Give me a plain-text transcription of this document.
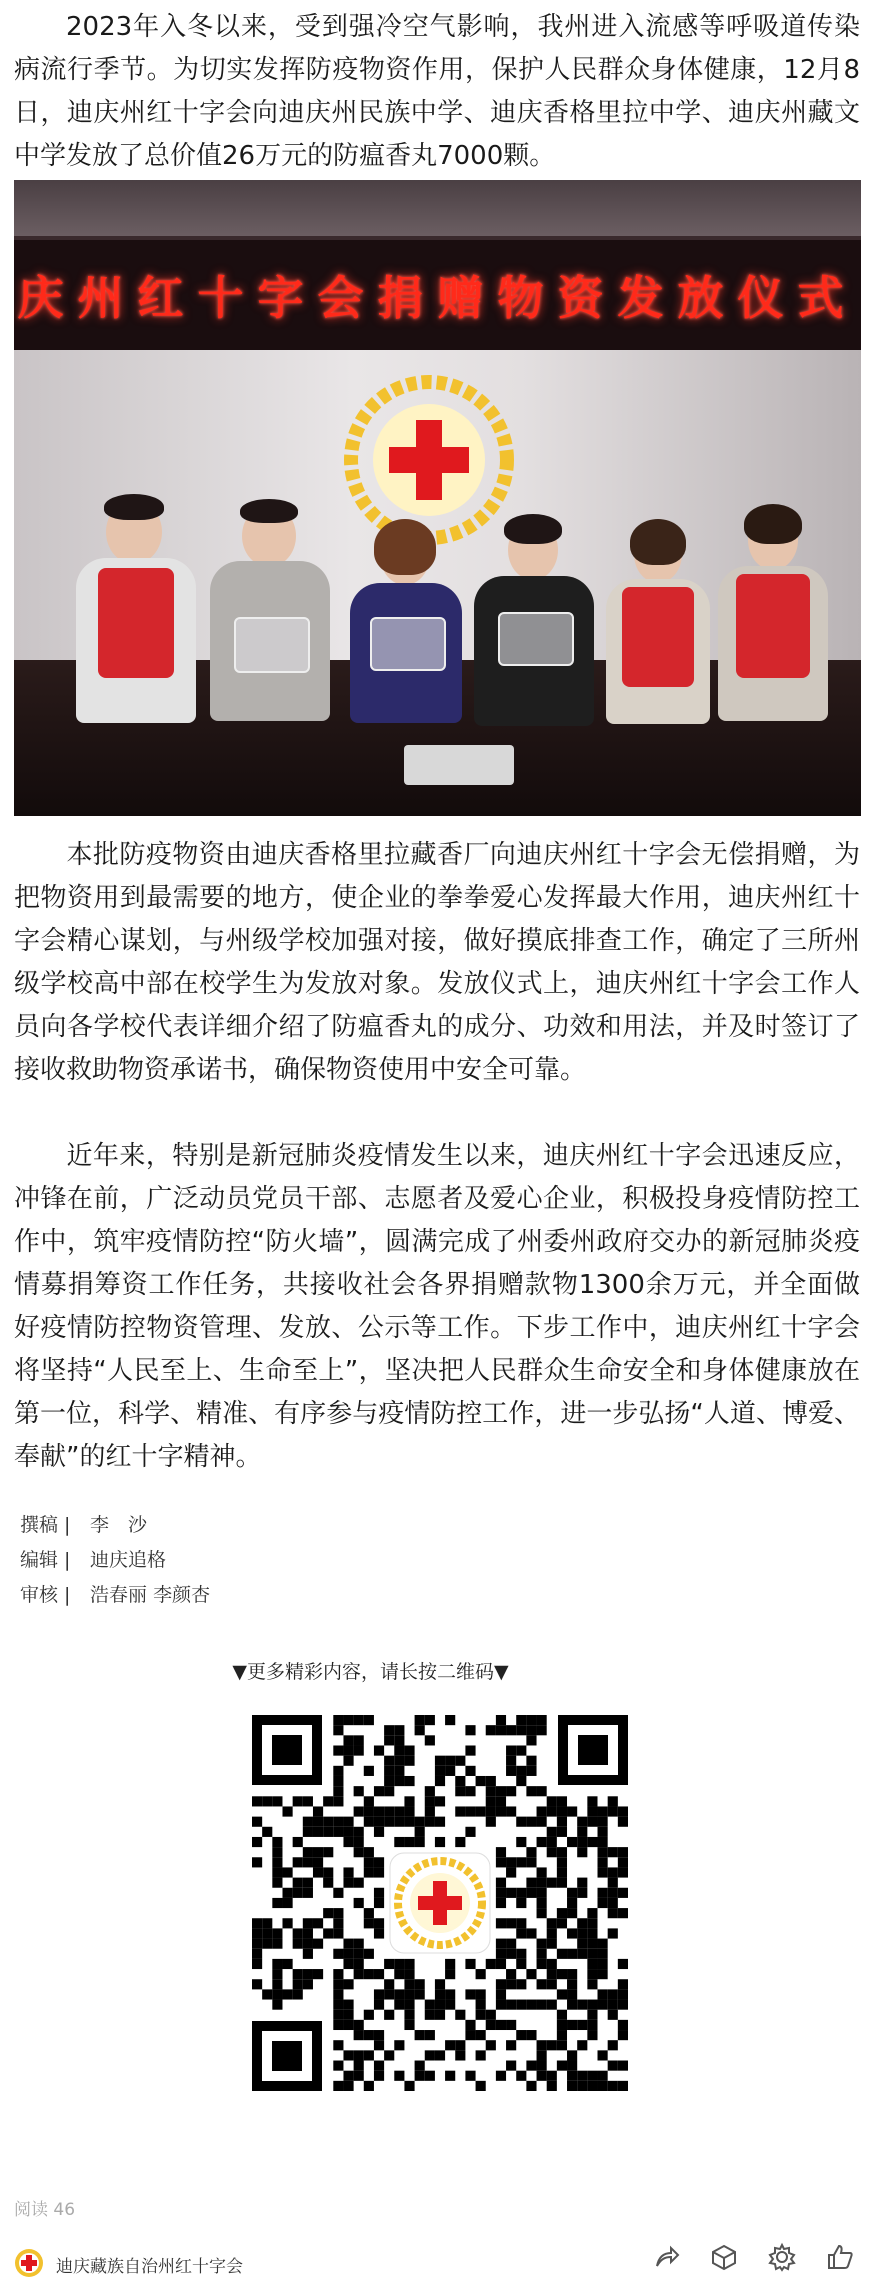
2023年入冬以来，受到强冷空气影响，我州进入流感等呼吸道传染病流行季节。为切实发挥防疫物资作用，保护人民群众身体健康，12月8日，迪庆州红十字会向迪庆州民族中学、迪庆香格里拉中学、迪庆州藏文中学发放了总价值26万元的防瘟香丸7000颗。

庆州红十字会捐赠物资发放仪式

本批防疫物资由迪庆香格里拉藏香厂向迪庆州红十字会无偿捐赠，为把物资用到最需要的地方，使企业的拳拳爱心发挥最大作用，迪庆州红十字会精心谋划，与州级学校加强对接，做好摸底排查工作，确定了三所州级学校高中部在校学生为发放对象。发放仪式上，迪庆州红十字会工作人员向各学校代表详细介绍了防瘟香丸的成分、功效和用法，并及时签订了接收救助物资承诺书，确保物资使用中安全可靠。

近年来，特别是新冠肺炎疫情发生以来，迪庆州红十字会迅速反应，冲锋在前，广泛动员党员干部、志愿者及爱心企业，积极投身疫情防控工作中，筑牢疫情防控“防火墙”，圆满完成了州委州政府交办的新冠肺炎疫情募捐筹资工作任务，共接收社会各界捐赠款物1300余万元，并全面做好疫情防控物资管理、发放、公示等工作。下步工作中，迪庆州红十字会将坚持“人民至上、生命至上”，坚决把人民群众生命安全和身体健康放在第一位，科学、精准、有序参与疫情防控工作，进一步弘扬“人道、博爱、奉献”的红十字精神。

撰稿 | 李　沙
编辑 | 迪庆追格
审核 | 浩春丽 李颜杏
▼更多精彩内容，请长按二维码▼
阅读 46
迪庆藏族自治州红十字会
